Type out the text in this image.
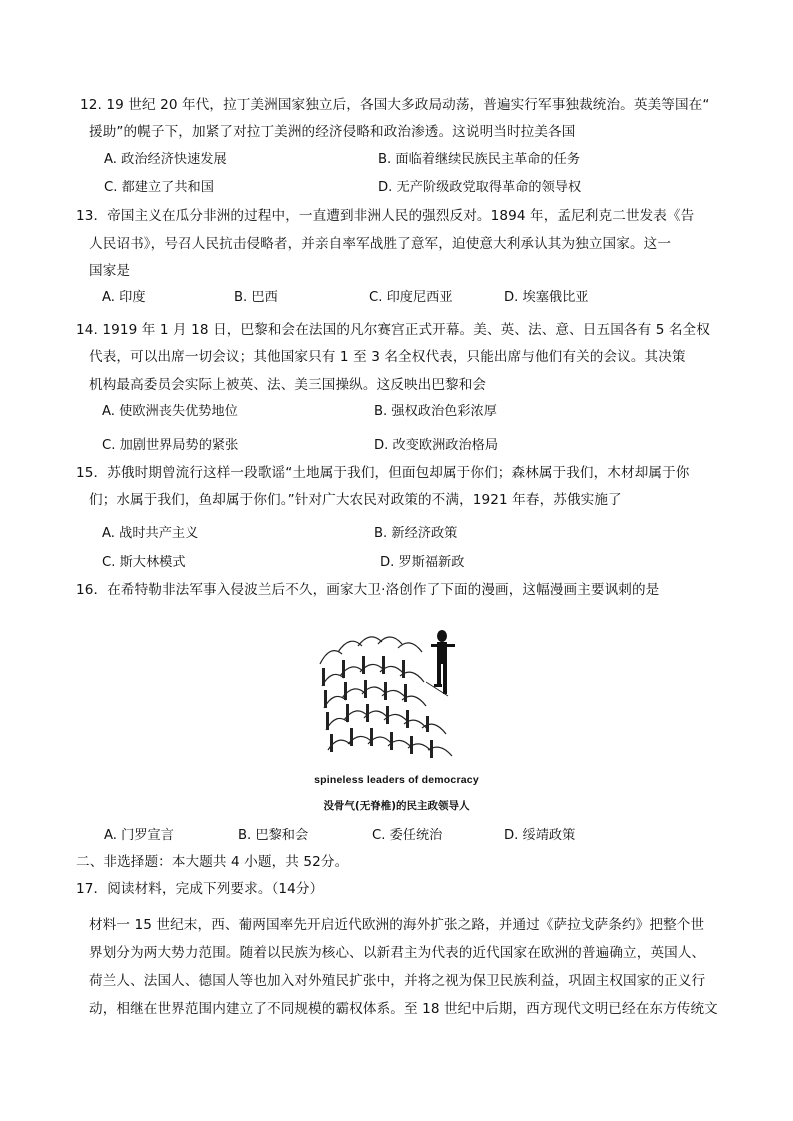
12. 19 世纪 20 年代，拉丁美洲国家独立后，各国大多政局动荡，普遍实行军事独裁统治。英美等国在“
援助”的幌子下，加紧了对拉丁美洲的经济侵略和政治渗透。这说明当时拉美各国
A. 政治经济快速发展	B. 面临着继续民族民主革命的任务
C. 都建立了共和国	D. 无产阶级政党取得革命的领导权
13．帝国主义在瓜分非洲的过程中，一直遭到非洲人民的强烈反对。1894 年，孟尼利克二世发表《告
人民诏书》，号召人民抗击侵略者，并亲自率军战胜了意军，迫使意大利承认其为独立国家。这一
国家是
A. 印度	B. 巴西	C. 印度尼西亚	D. 埃塞俄比亚
14. 1919 年 1 月 18 日，巴黎和会在法国的凡尔赛宫正式开幕。美、英、法、意、日五国各有 5 名全权
代表，可以出席一切会议；其他国家只有 1 至 3 名全权代表，只能出席与他们有关的会议。其决策
机构最高委员会实际上被英、法、美三国操纵。这反映出巴黎和会
A. 使欧洲丧失优势地位	B. 强权政治色彩浓厚
C. 加剧世界局势的紧张	D. 改变欧洲政治格局
15．苏俄时期曾流行这样一段歌谣“土地属于我们，但面包却属于你们；森林属于我们，木材却属于你
们；水属于我们，鱼却属于你们。”针对广大农民对政策的不满，1921 年春，苏俄实施了
A. 战时共产主义	B. 新经济政策
C. 斯大林模式	D. 罗斯福新政
16．在希特勒非法军事入侵波兰后不久，画家大卫·洛创作了下面的漫画，这幅漫画主要讽刺的是
spineless leaders of democracy
没骨气(无脊椎)的民主政领导人
A. 门罗宣言	B. 巴黎和会	C. 委任统治	D. 绥靖政策
二、非选择题：本大题共 4 小题，共 52分。
17．阅读材料，完成下列要求。（14分）
材料一 15 世纪末，西、葡两国率先开启近代欧洲的海外扩张之路，并通过《萨拉戈萨条约》把整个世
界划分为两大势力范围。随着以民族为核心、以新君主为代表的近代国家在欧洲的普遍确立，英国人、
荷兰人、法国人、德国人等也加入对外殖民扩张中，并将之视为保卫民族利益，巩固主权国家的正义行
动，相继在世界范围内建立了不同规模的霸权体系。至 18 世纪中后期，西方现代文明已经在东方传统文
